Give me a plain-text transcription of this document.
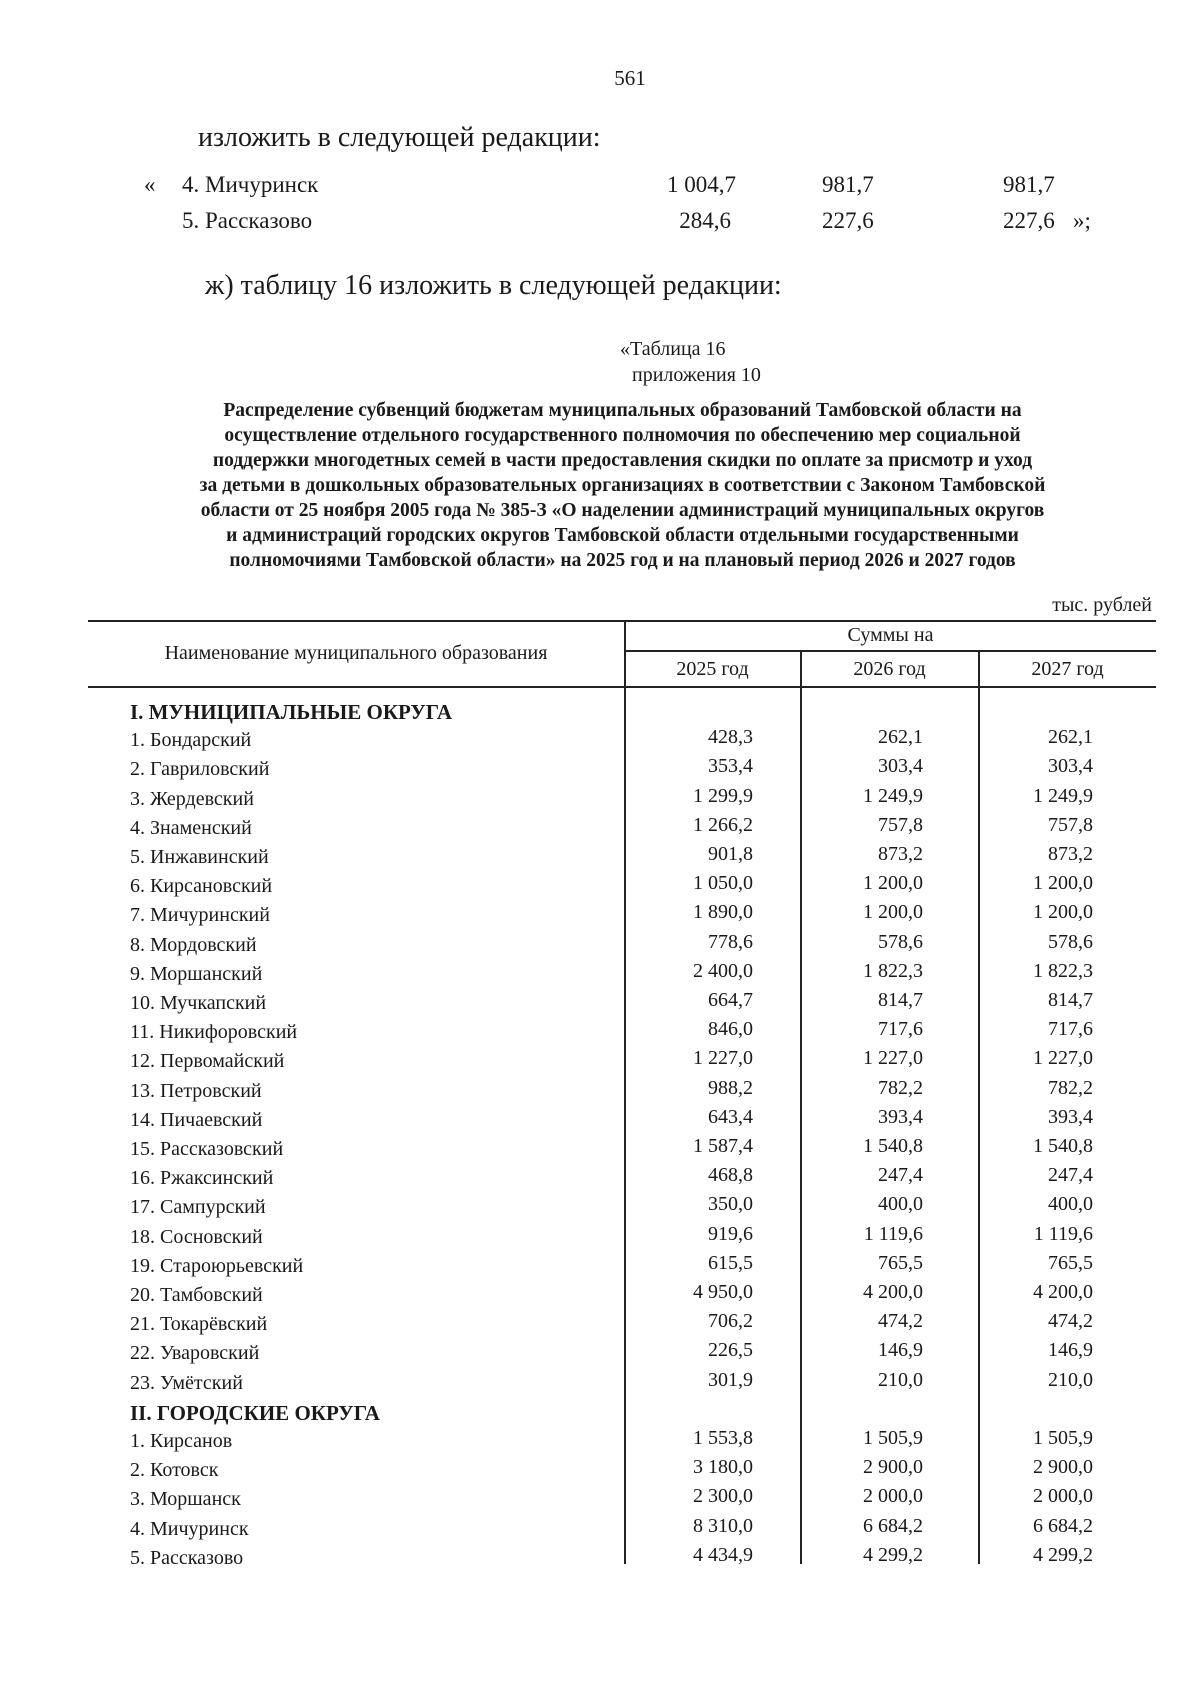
561
изложить в следующей редакции:
« 4. Мичуринск	1 004,7	981,7	981,7
5. Рассказово	284,6	227,6	227,6 »;
ж) таблицу 16 изложить в следующей редакции:
«Таблица 16
приложения 10
Распределение субвенций бюджетам муниципальных образований Тамбовской области на
осуществление отдельного государственного полномочия по обеспечению мер социальной
поддержки многодетных семей в части предоставления скидки по оплате за присмотр и уход
за детьми в дошкольных образовательных организациях в соответствии с Законом Тамбовской
области от 25 ноября 2005 года № 385-З «О наделении администраций муниципальных округов
и администраций городских округов Тамбовской области отдельными государственными
полномочиями Тамбовской области» на 2025 год и на плановый период 2026 и 2027 годов
тыс. рублей
Наименование муниципального образования
Суммы на
2025 год	2026 год	2027 год
I. МУНИЦИПАЛЬНЫЕ ОКРУГА
1. Бондарский	428,3	262,1	262,1
2. Гавриловский	353,4	303,4	303,4
3. Жердевский	1 299,9	1 249,9	1 249,9
4. Знаменский	1 266,2	757,8	757,8
5. Инжавинский	901,8	873,2	873,2
6. Кирсановский	1 050,0	1 200,0	1 200,0
7. Мичуринский	1 890,0	1 200,0	1 200,0
8. Мордовский	778,6	578,6	578,6
9. Моршанский	2 400,0	1 822,3	1 822,3
10. Мучкапский	664,7	814,7	814,7
11. Никифоровский	846,0	717,6	717,6
12. Первомайский	1 227,0	1 227,0	1 227,0
13. Петровский	988,2	782,2	782,2
14. Пичаевский	643,4	393,4	393,4
15. Рассказовский	1 587,4	1 540,8	1 540,8
16. Ржаксинский	468,8	247,4	247,4
17. Сампурский	350,0	400,0	400,0
18. Сосновский	919,6	1 119,6	1 119,6
19. Староюрьевский	615,5	765,5	765,5
20. Тамбовский	4 950,0	4 200,0	4 200,0
21. Токарёвский	706,2	474,2	474,2
22. Уваровский	226,5	146,9	146,9
23. Умётский	301,9	210,0	210,0
II. ГОРОДСКИЕ ОКРУГА
1. Кирсанов	1 553,8	1 505,9	1 505,9
2. Котовск	3 180,0	2 900,0	2 900,0
3. Моршанск	2 300,0	2 000,0	2 000,0
4. Мичуринск	8 310,0	6 684,2	6 684,2
5. Рассказово	4 434,9	4 299,2	4 299,2
